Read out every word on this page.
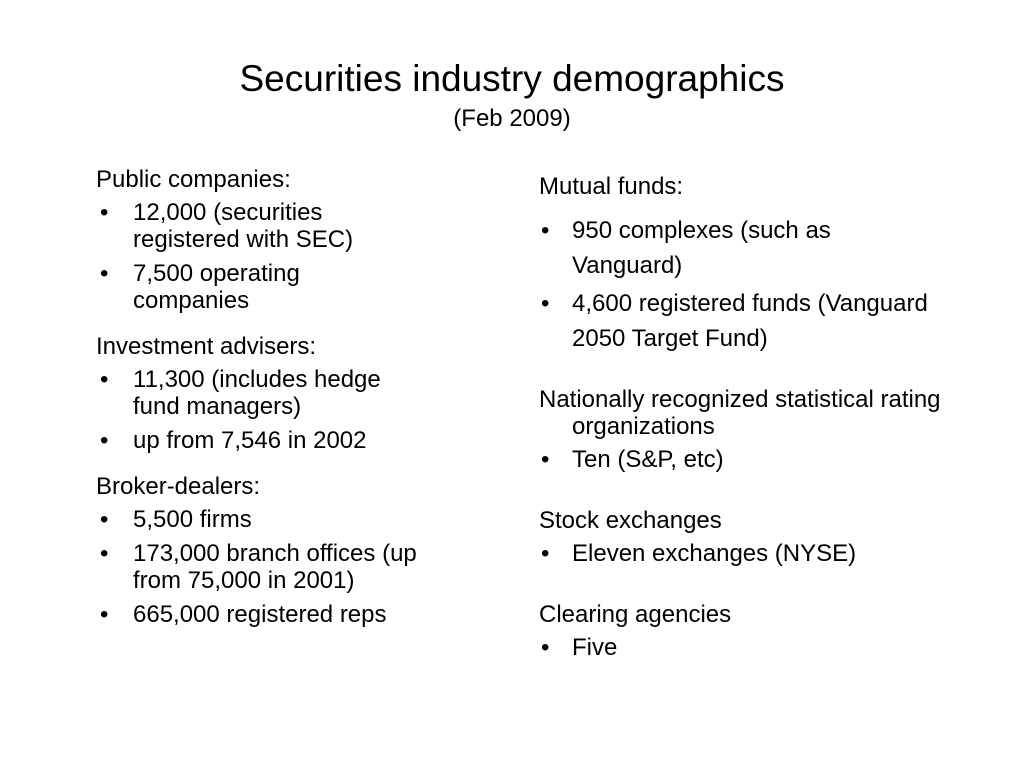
Securities industry demographics
(Feb 2009)
Public companies:
• 12,000 (securities registered with SEC)
• 7,500 operating companies
Investment advisers:
• 11,300 (includes hedge fund managers)
• up from 7,546 in 2002
Broker-dealers:
• 5,500 firms
• 173,000 branch offices (up from 75,000 in 2001)
• 665,000 registered reps
Mutual funds:
• 950 complexes (such as Vanguard)
• 4,600 registered funds (Vanguard 2050 Target Fund)
Nationally recognized statistical rating organizations
• Ten (S&P, etc)
Stock exchanges
• Eleven exchanges (NYSE)
Clearing agencies
• Five
